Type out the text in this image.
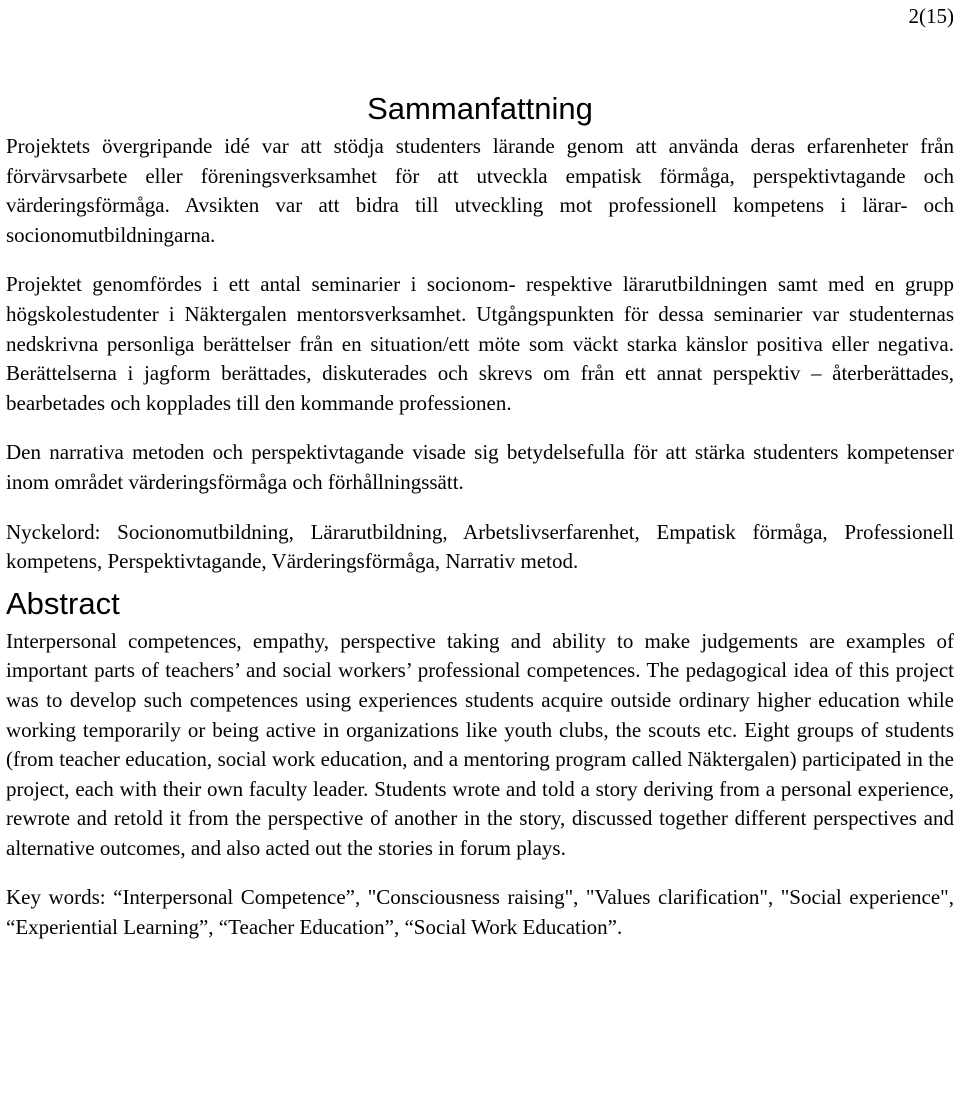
2(15)
Sammanfattning

Projektets övergripande idé var att stödja studenters lärande genom att använda deras erfarenheter från förvärvsarbete eller föreningsverksamhet för att utveckla empatisk förmåga, perspektivtagande och värderingsförmåga. Avsikten var att bidra till utveckling mot professionell kompetens i lärar- och socionomutbildningarna.

Projektet genomfördes i ett antal seminarier i socionom- respektive lärarutbildningen samt med en grupp högskolestudenter i Näktergalen mentorsverksamhet. Utgångspunkten för dessa seminarier var studenternas nedskrivna personliga berättelser från en situation/ett möte som väckt starka känslor positiva eller negativa. Berättelserna i jagform berättades, diskuterades och skrevs om från ett annat perspektiv – återberättades, bearbetades och kopplades till den kommande professionen.

Den narrativa metoden och perspektivtagande visade sig betydelsefulla för att stärka studenters kompetenser inom området värderingsförmåga och förhållningssätt.

Nyckelord: Socionomutbildning, Lärarutbildning, Arbetslivserfarenhet, Empatisk förmåga, Professionell kompetens, Perspektivtagande, Värderingsförmåga, Narrativ metod.

Abstract

Interpersonal competences, empathy, perspective taking and ability to make judgements are examples of important parts of teachers’ and social workers’ professional competences. The pedagogical idea of this project was to develop such competences using experiences students acquire outside ordinary higher education while working temporarily or being active in organizations like youth clubs, the scouts etc. Eight groups of students (from teacher education, social work education, and a mentoring program called Näktergalen) participated in the project, each with their own faculty leader. Students wrote and told a story deriving from a personal experience, rewrote and retold it from the perspective of another in the story, discussed together different perspectives and alternative outcomes, and also acted out the stories in forum plays.

Key words: “Interpersonal Competence”, "Consciousness raising", "Values clarification", "Social experience", “Experiential Learning”, “Teacher Education”, “Social Work Education”.
